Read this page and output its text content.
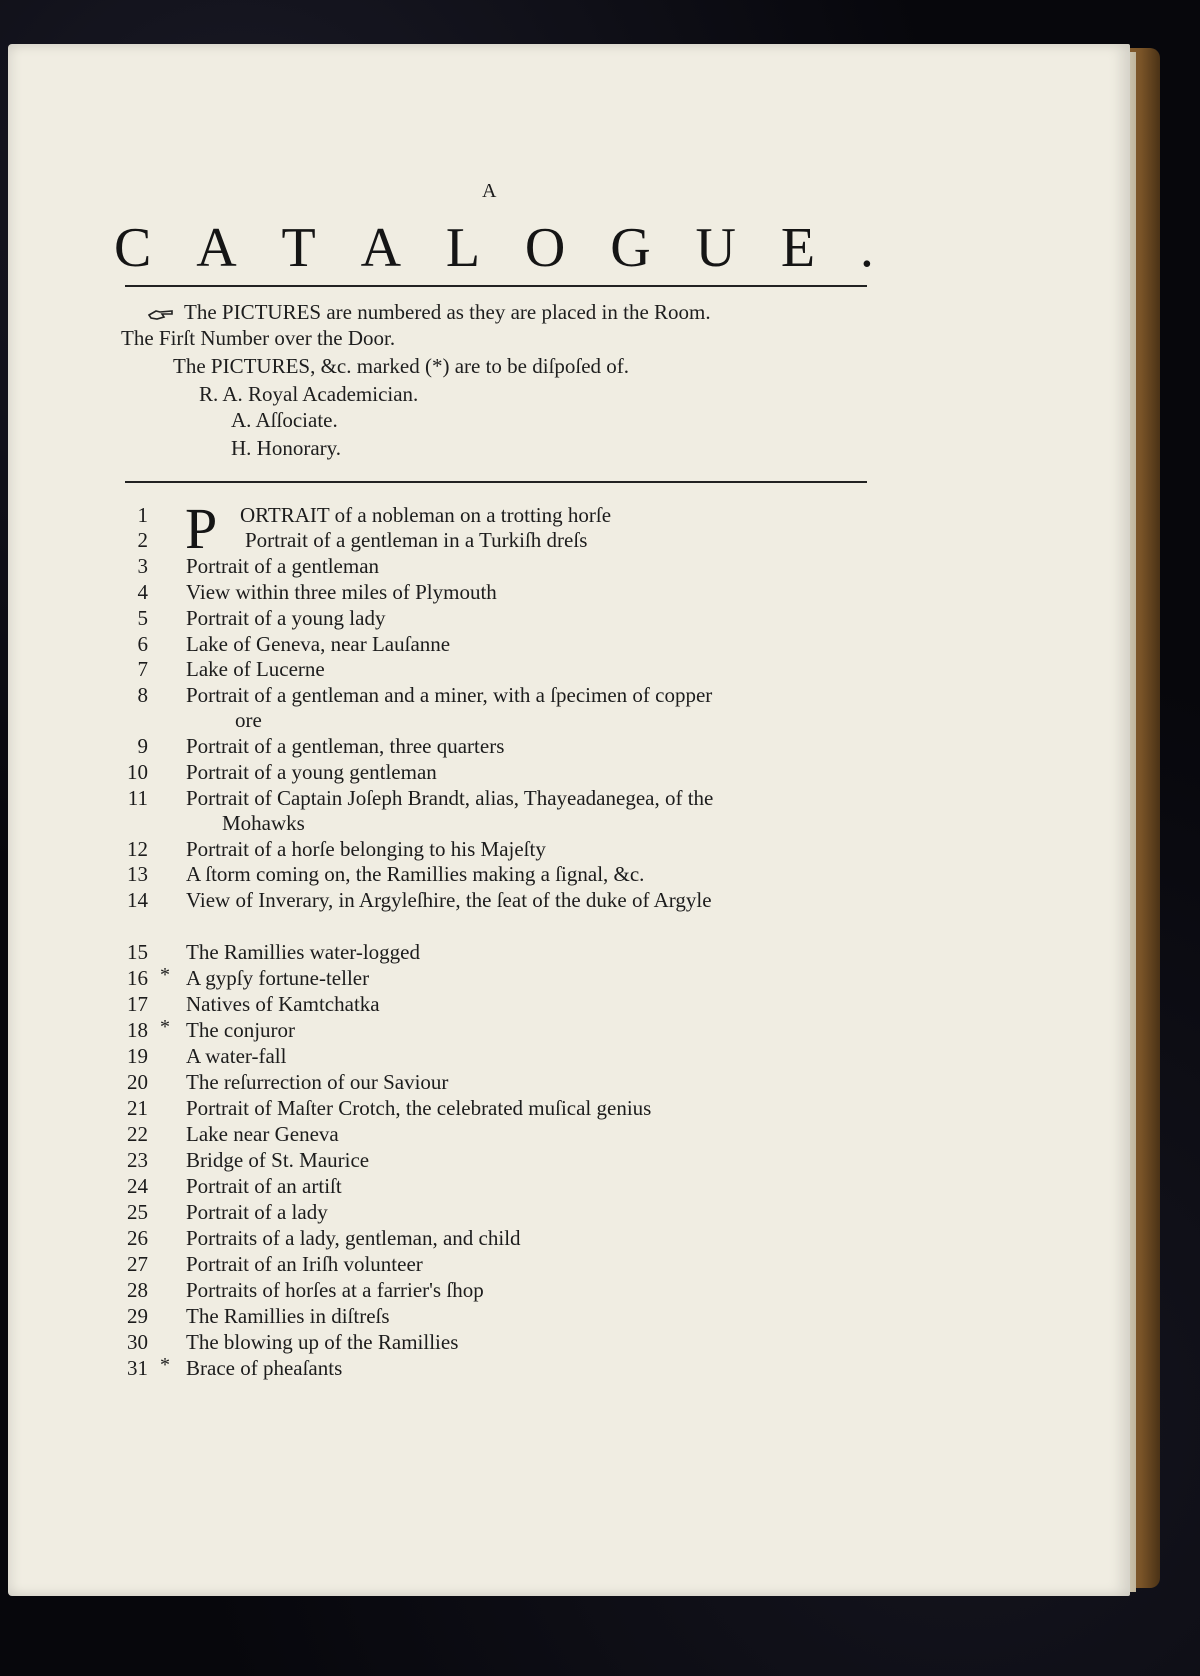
A
C A T A L O G U E .
The PICTURES are numbered as they are placed in the Room.
The Firſt Number over the Door.
The PICTURES, &c. marked (*) are to be diſpoſed of.
R. A. Royal Academician.
A. Aſſociate.
H. Honorary.
P
1	ORTRAIT of a nobleman on a trotting horſe
2	Portrait of a gentleman in a Turkiſh dreſs
3 Portrait of a gentleman
4 View within three miles of Plymouth
5 Portrait of a young lady
6 Lake of Geneva, near Lauſanne
7 Lake of Lucerne
8 Portrait of a gentleman and a miner, with a ſpecimen of copper
ore
9 Portrait of a gentleman, three quarters
10 Portrait of a young gentleman
11 Portrait of Captain Joſeph Brandt, alias, Thayeadanegea, of the
Mohawks
12 Portrait of a horſe belonging to his Majeſty
13 A ſtorm coming on, the Ramillies making a ſignal, &c.
14 View of Inverary, in Argyleſhire, the ſeat of the duke of Argyle
15 The Ramillies water-logged
16 * A gypſy fortune-teller
17 Natives of Kamtchatka
18 * The conjuror
19 A water-fall
20 The reſurrection of our Saviour
21 Portrait of Maſter Crotch, the celebrated muſical genius
22 Lake near Geneva
23 Bridge of St. Maurice
24 Portrait of an artiſt
25 Portrait of a lady
26 Portraits of a lady, gentleman, and child
27 Portrait of an Iriſh volunteer
28 Portraits of horſes at a farrier's ſhop
29 The Ramillies in diſtreſs
30 The blowing up of the Ramillies
31 * Brace of pheaſants
